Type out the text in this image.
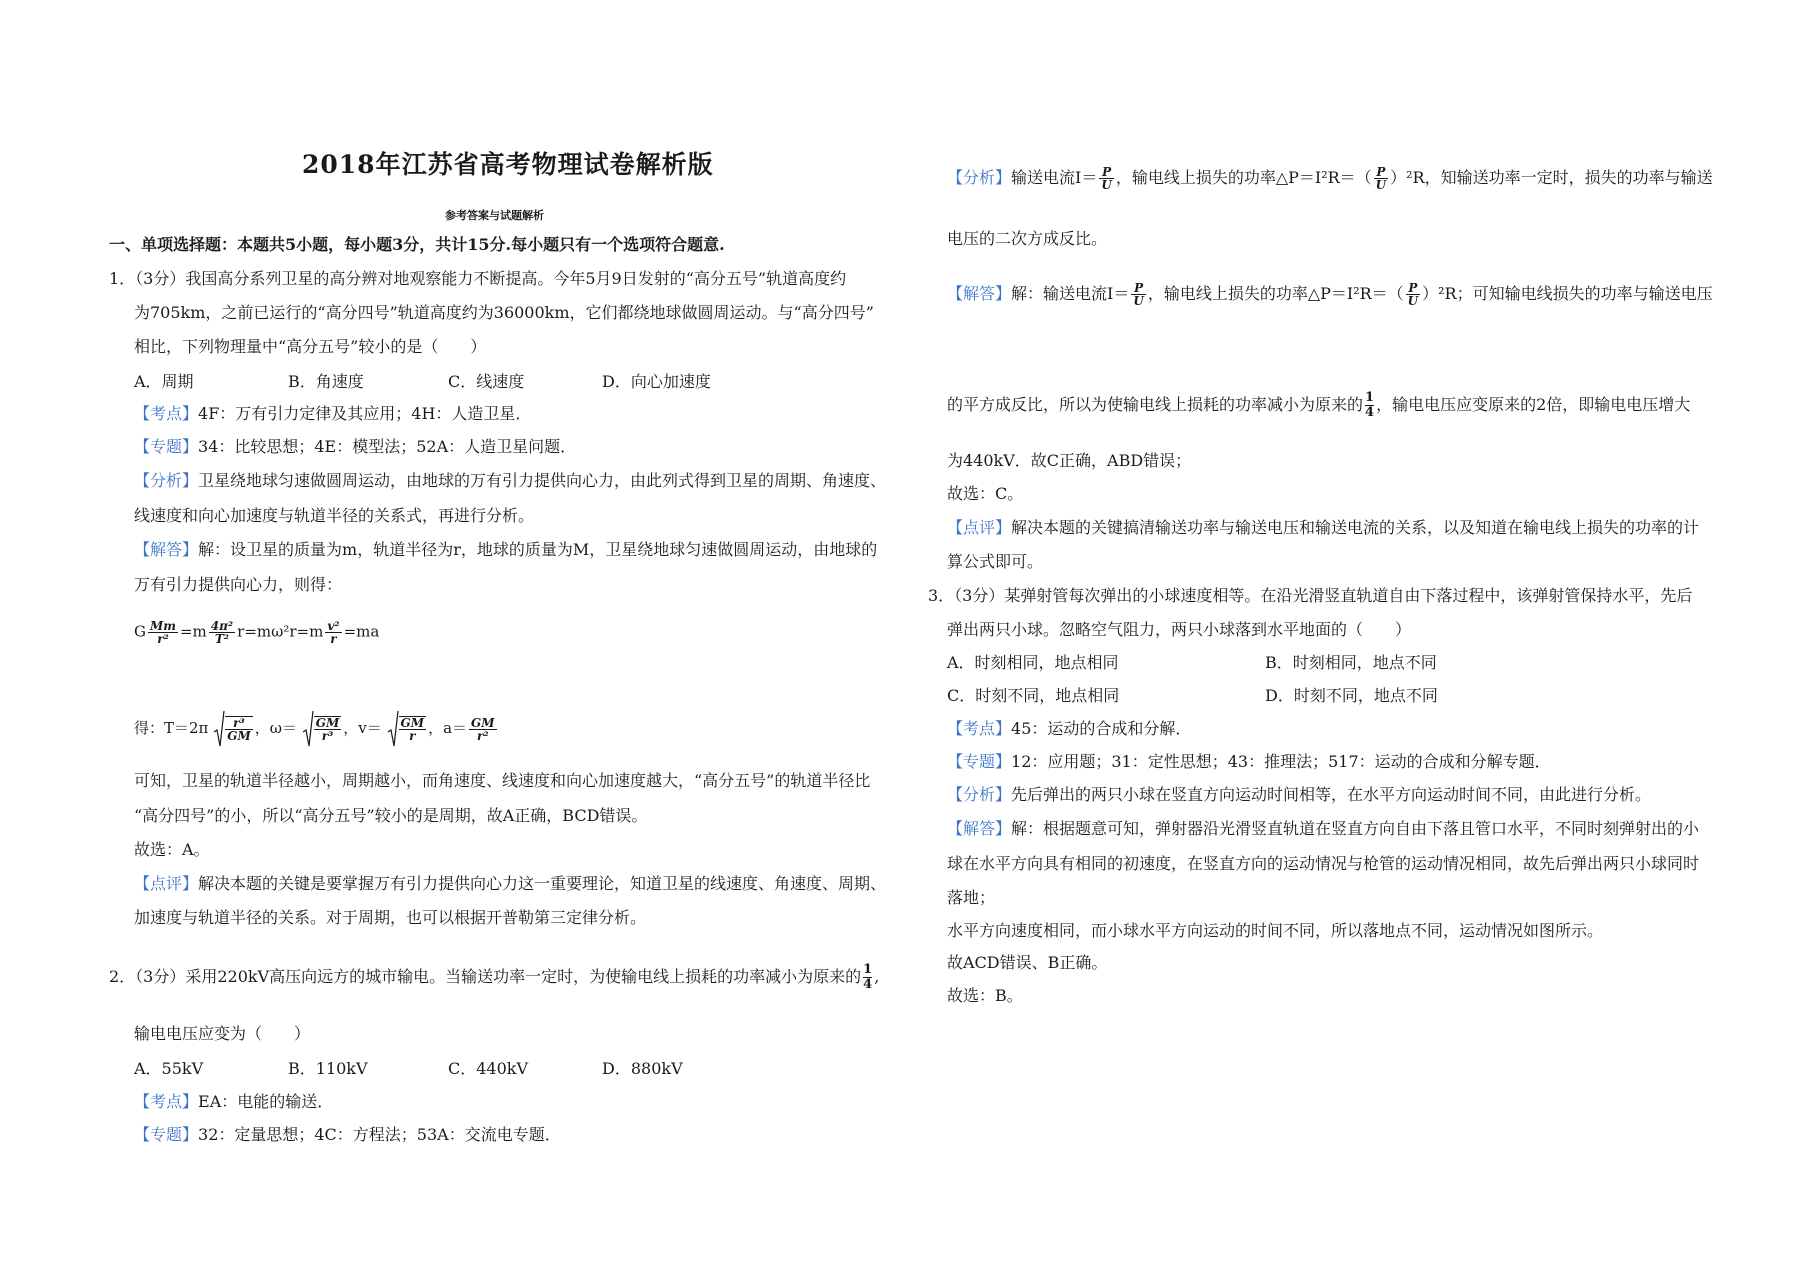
2018年江苏省高考物理试卷解析版
参考答案与试题解析
一、单项选择题：本题共5小题，每小题3分，共计15分.每小题只有一个选项符合题意.
1．（3分）我国高分系列卫星的高分辨对地观察能力不断提高。今年5月9日发射的“高分五号”轨道高度约
为705km，之前已运行的“高分四号”轨道高度约为36000km，它们都绕地球做圆周运动。与“高分四号”
相比，下列物理量中“高分五号”较小的是（　　）
A．周期	B．角速度	C．线速度	D．向心加速度
【考点】4F：万有引力定律及其应用；4H：人造卫星．
【专题】34：比较思想；4E：模型法；52A：人造卫星问题．
【分析】卫星绕地球匀速做圆周运动，由地球的万有引力提供向心力，由此列式得到卫星的周期、角速度、
线速度和向心加速度与轨道半径的关系式，再进行分析。
【解答】解：设卫星的质量为m，轨道半径为r，地球的质量为M，卫星绕地球匀速做圆周运动，由地球的
万有引力提供向心力，则得：
G $\frac{Mm}{\text{r²}} =m \frac{\text{4π²}}{\text{T²}} r=m\omega^2r=m \frac{\text{v²}}{r} =ma$
得：$T=2\pi \frac{\text{r³}}{GM}$ ，$\omega= \frac{GM}{\text{r³}}$ ，$v= \frac{GM}{r}$ ，$a= \frac{GM}{\text{r²}}$
可知，卫星的轨道半径越小，周期越小，而角速度、线速度和向心加速度越大，“高分五号”的轨道半径比
“高分四号”的小，所以“高分五号”较小的是周期，故A正确，BCD错误。
故选：A。
【点评】解决本题的关键是要掌握万有引力提供向心力这一重要理论，知道卫星的线速度、角速度、周期、
加速度与轨道半径的关系。对于周期，也可以根据开普勒第三定律分析。
2．（3分）采用220kV高压向远方的城市输电。当输送功率一定时，为使输电线上损耗的功率减小为原来的 $\frac{1}{4}$ ,
输电电压应变为（　　）
A．55kV	B．110kV	C．440kV	D．880kV
【考点】EA：电能的输送．
【专题】32：定量思想；4C：方程法；53A：交流电专题．
【分析】输送电流$I= \frac{P}{U}$ ，输电线上损失的功率△P＝I²R＝（ $\frac{P}{U} )^2R$，知输送功率一定时，损失的功率与输送
电压的二次方成反比。
【解答】解：输送电流$I= \frac{P}{U}$ ，输电线上损失的功率△P＝I²R＝（ $\frac{P}{U} )^2R$；可知输电线损失的功率与输送电压
的平方成反比，所以为使输电线上损耗的功率减小为原来的 $\frac{1}{4}$ ，输电电压应变原来的2倍，即输电电压增大
为440kV．故C正确，ABD错误；
故选：C。
【点评】解决本题的关键搞清输送功率与输送电压和输送电流的关系，以及知道在输电线上损失的功率的计
算公式即可。
3．（3分）某弹射管每次弹出的小球速度相等。在沿光滑竖直轨道自由下落过程中，该弹射管保持水平，先后
弹出两只小球。忽略空气阻力，两只小球落到水平地面的（　　）
A．时刻相同，地点相同	B．时刻相同，地点不同
C．时刻不同，地点相同	D．时刻不同，地点不同
【考点】45：运动的合成和分解．
【专题】12：应用题；31：定性思想；43：推理法；517：运动的合成和分解专题．
【分析】先后弹出的两只小球在竖直方向运动时间相等，在水平方向运动时间不同，由此进行分析。
【解答】解：根据题意可知，弹射器沿光滑竖直轨道在竖直方向自由下落且管口水平，不同时刻弹射出的小
球在水平方向具有相同的初速度，在竖直方向的运动情况与枪管的运动情况相同，故先后弹出两只小球同时
落地；
水平方向速度相同，而小球水平方向运动的时间不同，所以落地点不同，运动情况如图所示。
故ACD错误、B正确。
故选：B。
